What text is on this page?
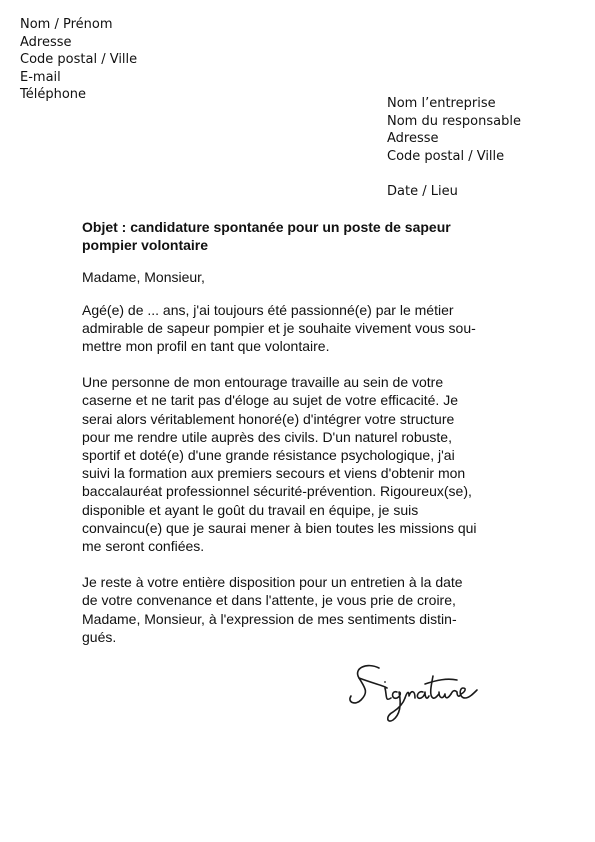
Nom / Prénom
Adresse
Code postal / Ville
E-mail
Téléphone
Nom l’entreprise
Nom du responsable
Adresse
Code postal / Ville
Date / Lieu
Objet : candidature spontanée pour un poste de sapeur
pompier volontaire
Madame, Monsieur,
Agé(e) de ... ans, j'ai toujours été passionné(e) par le métier
admirable de sapeur pompier et je souhaite vivement vous sou-
mettre mon profil en tant que volontaire.
Une personne de mon entourage travaille au sein de votre
caserne et ne tarit pas d'éloge au sujet de votre efficacité. Je
serai alors véritablement honoré(e) d'intégrer votre structure
pour me rendre utile auprès des civils. D'un naturel robuste,
sportif et doté(e) d'une grande résistance psychologique, j'ai
suivi la formation aux premiers secours et viens d'obtenir mon
baccalauréat professionnel sécurité-prévention. Rigoureux(se),
disponible et ayant le goût du travail en équipe, je suis
convaincu(e) que je saurai mener à bien toutes les missions qui
me seront confiées.
Je reste à votre entière disposition pour un entretien à la date
de votre convenance et dans l'attente, je vous prie de croire,
Madame, Monsieur, à l'expression de mes sentiments distin-
gués.
